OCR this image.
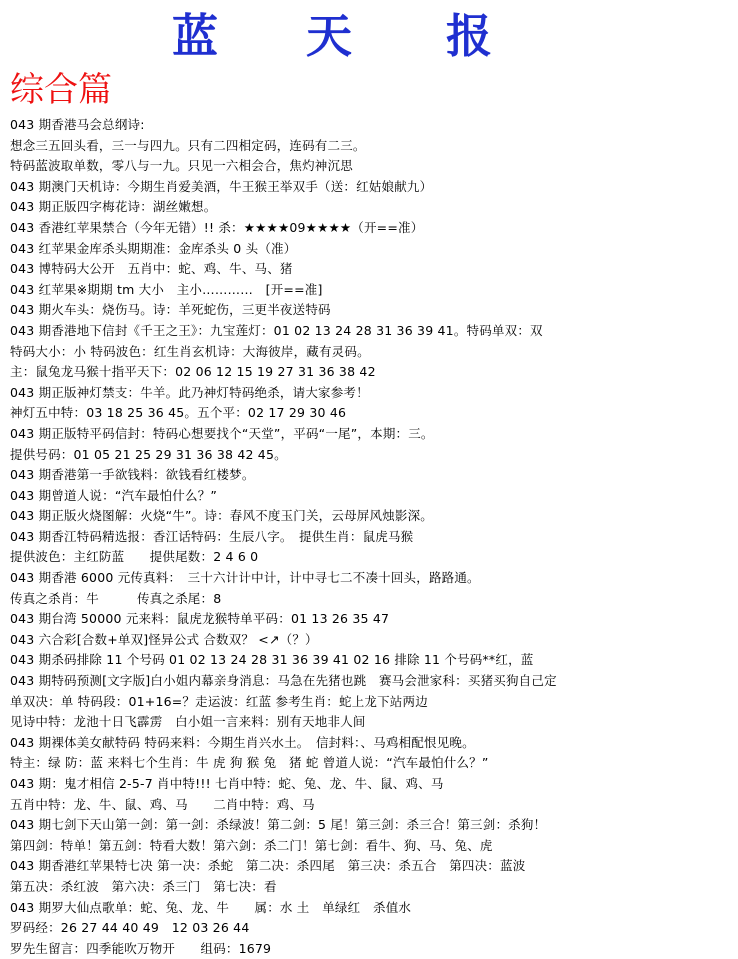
蓝 天 报
综合篇
043 期香港马会总纲诗:
想念三五回头看，三一与四九。只有二四相定码，连码有二三。
特码蓝波取单数，零八与一九。只见一六相会合，焦灼神沉思
043 期澳门天机诗：今期生肖爱美酒，牛王猴王举双手（送：红姑娘献九）
043 期正版四字梅花诗：湖丝嫩想。
043 香港红苹果禁合（今年无错）!! 杀：★★★★09★★★★（开==准）
043 红苹果金库杀头期期准：金库杀头 0 头（准）
043 博特码大公开　五肖中：蛇、鸡、牛、马、猪
043 红苹果※期期 tm 大小　主小…………　[开==准]
043 期火车头：烧伤马。诗：羊死蛇伤，三更半夜送特码
043 期香港地下信封《千王之王》：九宝莲灯：01 02 13 24 28 31 36 39 41。特码单双：双
特码大小：小 特码波色：红生肖玄机诗：大海彼岸，藏有灵码。
主：鼠兔龙马猴十指平天下：02 06 12 15 19 27 31 36 38 42
043 期正版神灯禁支：牛羊。此乃神灯特码绝杀，请大家参考！
神灯五中特：03 18 25 36 45。五个平：02 17 29 30 46
043 期正版特平码信封：特码心想要找个“天堂”，平码“一尾”，本期：三。
提供号码：01 05 21 25 29 31 36 38 42 45。
043 期香港第一手欲钱料：欲钱看红楼梦。
043 期曾道人说：“汽车最怕什么？”
043 期正版火烧图解：火烧“牛”。诗：春风不度玉门关，云母屏风烛影深。
043 期香江特码精选报：香江话特码：生辰八字。　提供生肖：鼠虎马猴
提供波色：主红防蓝　　提供尾数：2 4 6 0
043 期香港 6000 元传真料：　三十六计计中计，计中寻七二不凑十回头，路路通。
传真之杀肖：牛　　　传真之杀尾：8
043 期台湾 50000 元来料：鼠虎龙猴特单平码：01 13 26 35 47
043 六合彩[合数+单双]怪异公式 合数双？ <↗（？）
043 期杀码排除 11 个号码 01 02 13 24 28 31 36 39 41 02 16 排除 11 个号码**红，蓝
043 期特码预测[文字版]白小姐内幕亲身消息：马急在先猪也跳　赛马会泄家科：买猪买狗自己定
单双决：单 特码段：01+16=？走运波：红蓝 参考生肖：蛇上龙下站两边
见诗中特：龙池十日飞霹雳　白小姐一言来料：别有天地非人间
043 期裸体美女献特码 特码来料：今期生肖兴水土。　信封料：、马鸡相配恨见晚。
特主：绿 防：蓝 来料七个生肖：牛 虎 狗 猴 兔　猪 蛇 曾道人说：“汽车最怕什么？”
043 期：鬼才相信 2-5-7 肖中特!!! 七肖中特：蛇、兔、龙、牛、鼠、鸡、马
五肖中特：龙、牛、鼠、鸡、马　　二肖中特：鸡、马
043 期七剑下天山第一剑：第一剑：杀绿波！第二剑：5 尾！第三剑：杀三合！第三剑：杀狗！
第四剑：特单！第五剑：特看大数！第六剑：杀二门！第七剑：看牛、狗、马、兔、虎
043 期香港红苹果特七决 第一决：杀蛇　第二决：杀四尾　第三决：杀五合　第四决：蓝波
第五决：杀红波　第六决：杀三门　第七决：看
043 期罗大仙点歌单：蛇、兔、龙、牛　　属：水 土　单绿红　杀值水
罗码经：26 27 44 40 49　12 03 26 44
罗先生留言：四季能吹万物开　　组码：1679
